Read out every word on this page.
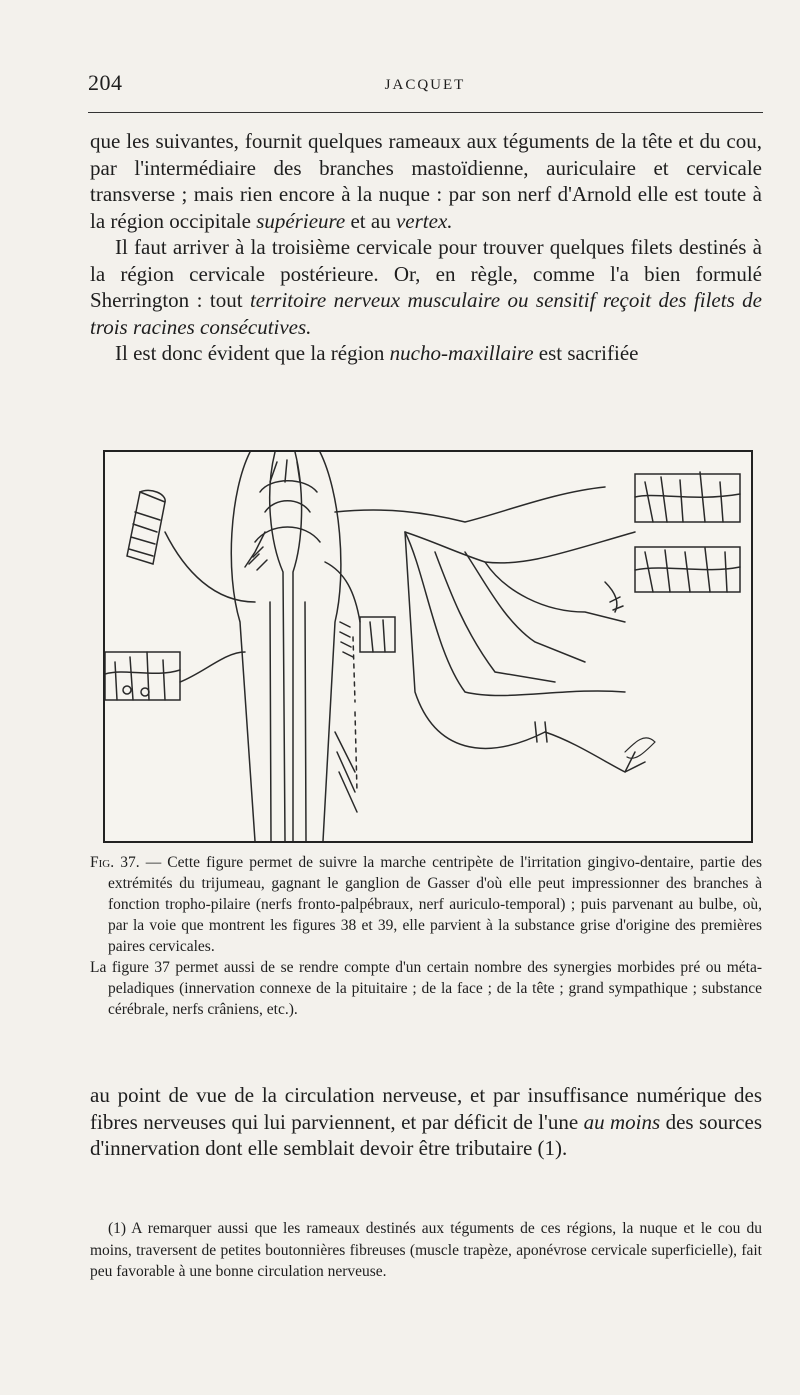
204	JACQUET

que les suivantes, fournit quelques rameaux aux téguments de la tête et du cou, par l'intermédiaire des branches mastoïdienne, auriculaire et cervicale transverse ; mais rien encore à la nuque : par son nerf d'Arnold elle est toute à la région occipitale supérieure et au vertex.

Il faut arriver à la troisième cervicale pour trouver quelques filets destinés à la région cervicale postérieure. Or, en règle, comme l'a bien formulé Sherrington : tout territoire nerveux musculaire ou sensitif reçoit des filets de trois racines consécutives.

Il est donc évident que la région nucho-maxillaire est sacrifiée

Fig. 37. — Cette figure permet de suivre la marche centripète de l'irritation gingivo-dentaire, partie des extrémités du trijumeau, gagnant le ganglion de Gasser d'où elle peut impressionner des branches à fonction tropho-pilaire (nerfs fronto-palpébraux, nerf auriculo-temporal) ; puis parvenant au bulbe, où, par la voie que montrent les figures 38 et 39, elle parvient à la substance grise d'origine des premières paires cervicales.

La figure 37 permet aussi de se rendre compte d'un certain nombre des synergies morbides pré ou méta-peladiques (innervation connexe de la pituitaire ; de la face ; de la tête ; grand sympathique ; substance cérébrale, nerfs crâniens, etc.).

au point de vue de la circulation nerveuse, et par insuffisance numérique des fibres nerveuses qui lui parviennent, et par déficit de l'une au moins des sources d'innervation dont elle semblait devoir être tributaire (1).

(1) A remarquer aussi que les rameaux destinés aux téguments de ces régions, la nuque et le cou du moins, traversent de petites boutonnières fibreuses (muscle trapèze, aponévrose cervicale superficielle), fait peu favorable à une bonne circulation nerveuse.
